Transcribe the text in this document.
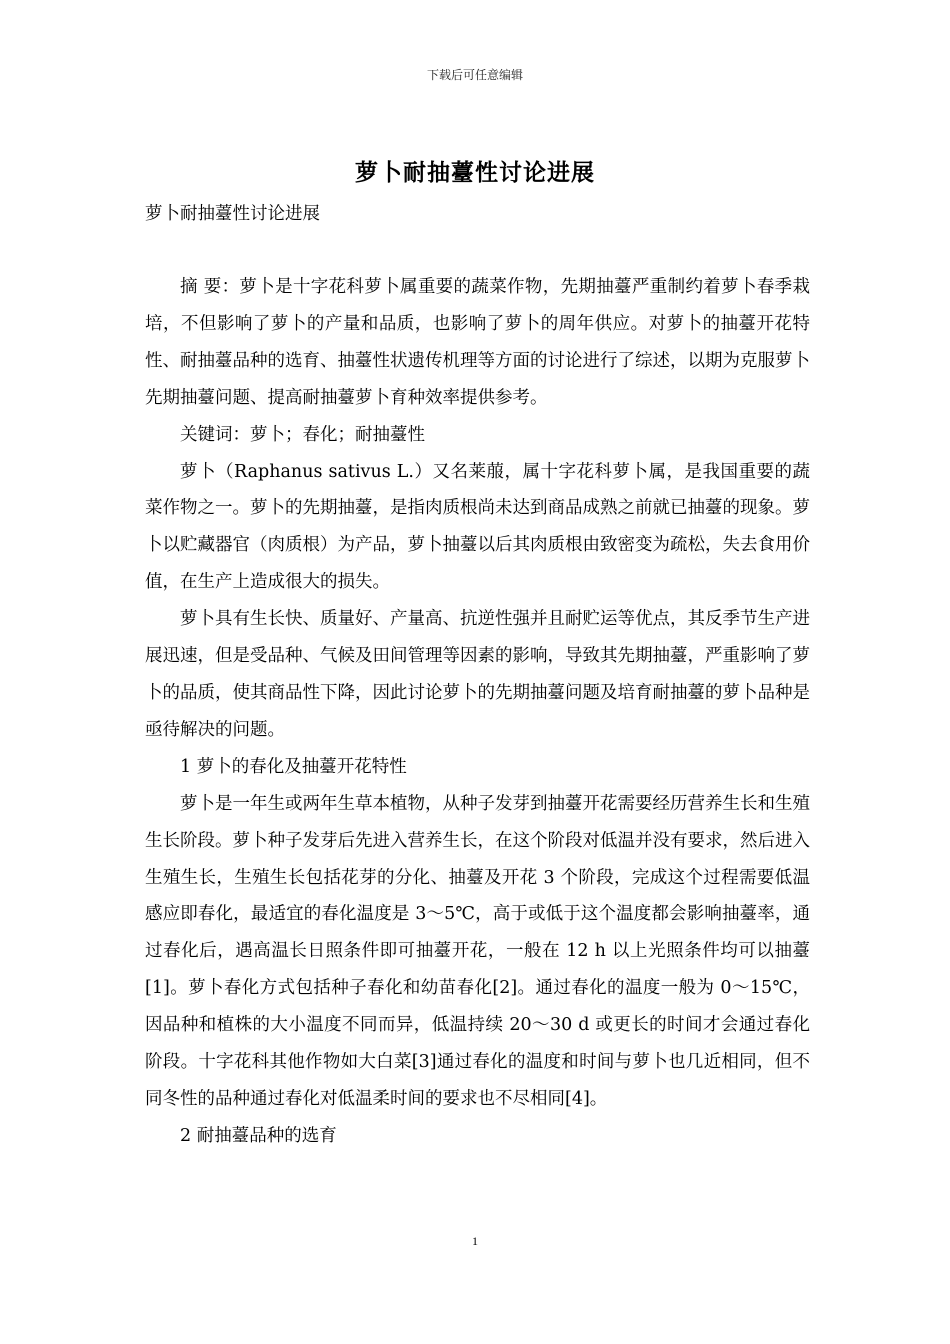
下载后可任意编辑
萝卜耐抽薹性讨论进展
萝卜耐抽薹性讨论进展

摘 要：萝卜是十字花科萝卜属重要的蔬菜作物，先期抽薹严重制约着萝卜春季栽培，不但影响了萝卜的产量和品质，也影响了萝卜的周年供应。对萝卜的抽薹开花特性、耐抽薹品种的选育、抽薹性状遗传机理等方面的讨论进行了综述，以期为克服萝卜先期抽薹问题、提高耐抽薹萝卜育种效率提供参考。

关键词：萝卜；春化；耐抽薹性

萝卜（Raphanus sativus L.）又名莱菔，属十字花科萝卜属，是我国重要的蔬菜作物之一。萝卜的先期抽薹，是指肉质根尚未达到商品成熟之前就已抽薹的现象。萝卜以贮藏器官（肉质根）为产品，萝卜抽薹以后其肉质根由致密变为疏松，失去食用价值，在生产上造成很大的损失。

萝卜具有生长快、质量好、产量高、抗逆性强并且耐贮运等优点，其反季节生产进展迅速，但是受品种、气候及田间管理等因素的影响，导致其先期抽薹，严重影响了萝卜的品质，使其商品性下降，因此讨论萝卜的先期抽薹问题及培育耐抽薹的萝卜品种是亟待解决的问题。

1 萝卜的春化及抽薹开花特性

萝卜是一年生或两年生草本植物，从种子发芽到抽薹开花需要经历营养生长和生殖生长阶段。萝卜种子发芽后先进入营养生长，在这个阶段对低温并没有要求，然后进入生殖生长，生殖生长包括花芽的分化、抽薹及开花 3 个阶段，完成这个过程需要低温感应即春化，最适宜的春化温度是 3～5℃，高于或低于这个温度都会影响抽薹率，通过春化后，遇高温长日照条件即可抽薹开花，一般在 12 h 以上光照条件均可以抽薹[1]。萝卜春化方式包括种子春化和幼苗春化[2]。通过春化的温度一般为 0～15℃，因品种和植株的大小温度不同而异，低温持续 20～30 d 或更长的时间才会通过春化阶段。十字花科其他作物如大白菜[3]通过春化的温度和时间与萝卜也几近相同，但不同冬性的品种通过春化对低温柔时间的要求也不尽相同[4]。

2 耐抽薹品种的选育

1
